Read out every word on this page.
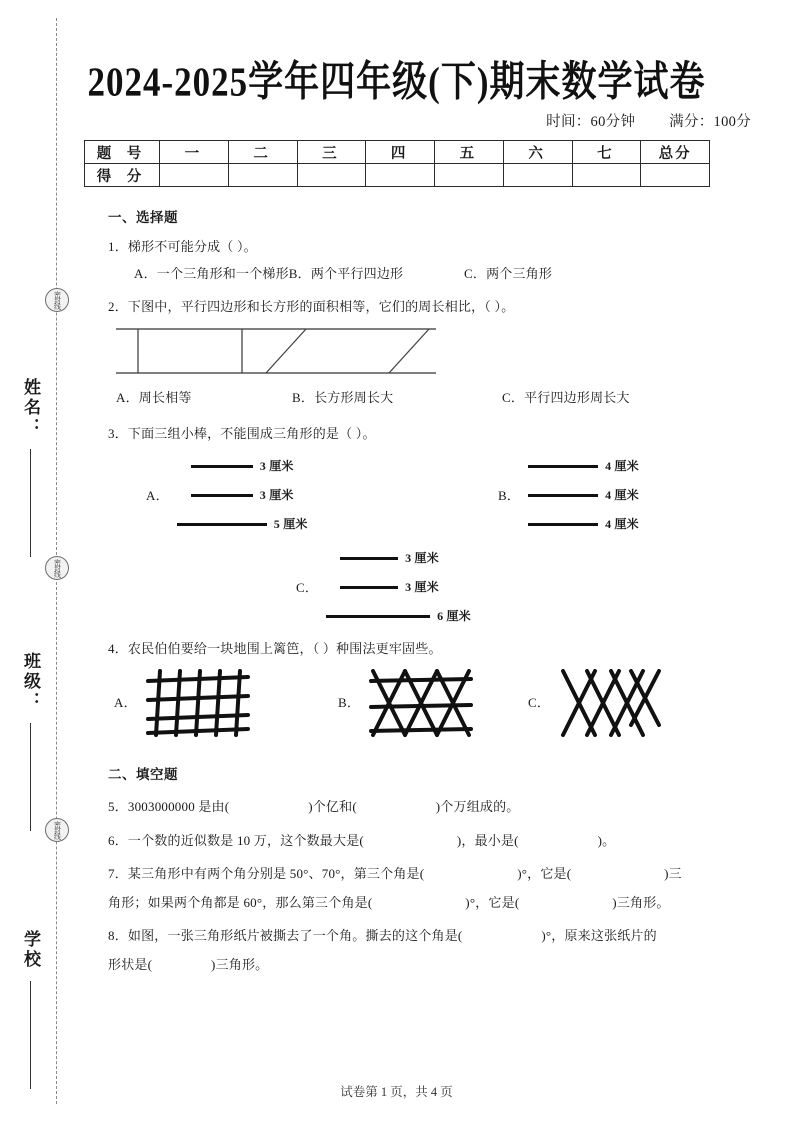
密封线
密封线
密封线
姓名：
班级：
学校
2024-2025学年四年级(下)期末数学试卷
时间：60分钟 满分：100分
题 号	一	二	三	四	五	六	七	总分
得 分								
一、选择题
1．梯形不可能分成（ ）。
A．一个三角形和一个梯形B．两个平行四边形	C．两个三角形
2．下图中，平行四边形和长方形的面积相等，它们的周长相比，（ ）。
A．周长相等	B．长方形周长大	C．平行四边形周长大
3．下面三组小棒，不能围成三角形的是（ ）。
A．
3 厘米
3 厘米
5 厘米
B．
4 厘米
4 厘米
4 厘米
C．
3 厘米
3 厘米
6 厘米
4．农民伯伯要给一块地围上篱笆，（ ）种围法更牢固些。
A．	B．	C．
二、填空题
5．3003000000 是由(	)个亿和(	)个万组成的。
6．一个数的近似数是 10 万，这个数最大是(	)，最小是(	)。
7．某三角形中有两个角分别是 50°、70°，第三个角是(	)°，它是(	)三
角形；如果两个角都是 60°，那么第三个角是(	)°，它是(	)三角形。
8．如图，一张三角形纸片被撕去了一个角。撕去的这个角是(	)°，原来这张纸片的
形状是(	)三角形。
试卷第 1 页，共 4 页
